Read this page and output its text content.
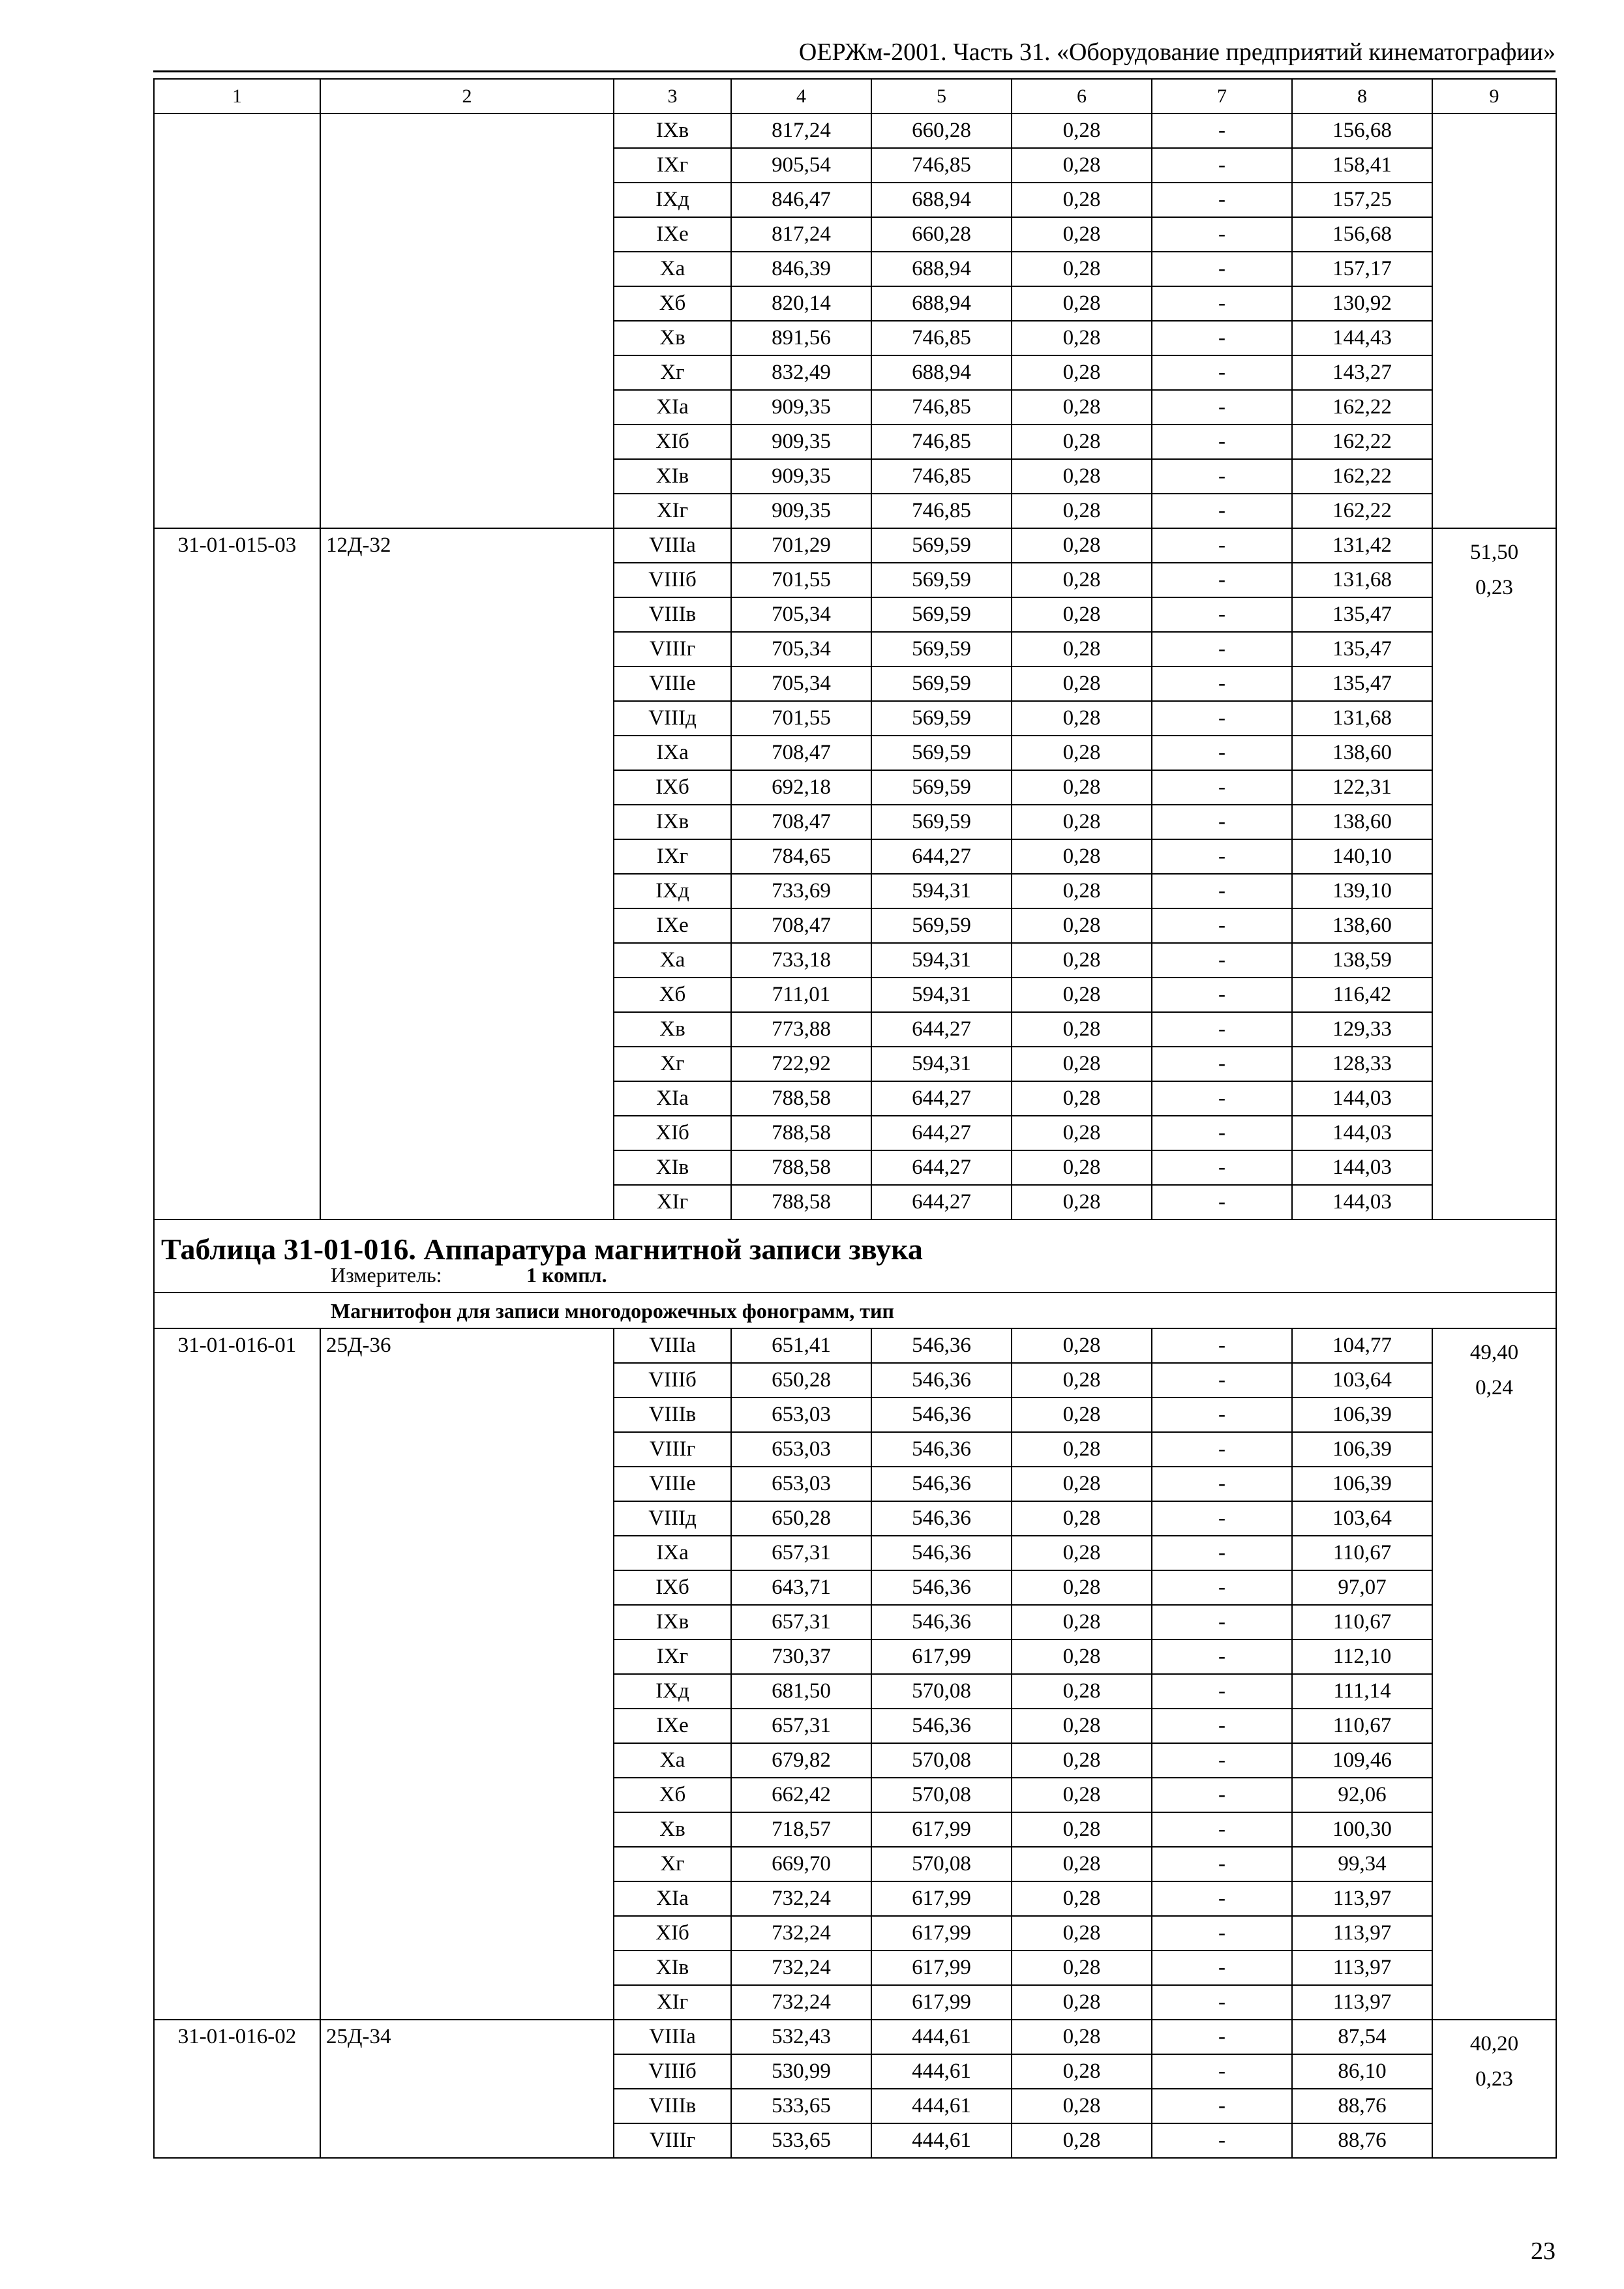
ОЕРЖм-2001. Часть 31. «Оборудование предприятий кинематографии»
1	2	3	4	5	6	7	8	9
		IXв	817,24	660,28	0,28	-	156,68	
		IXг	905,54	746,85	0,28	-	158,41	
		IXд	846,47	688,94	0,28	-	157,25	
		IXе	817,24	660,28	0,28	-	156,68	
		Xа	846,39	688,94	0,28	-	157,17	
		Xб	820,14	688,94	0,28	-	130,92	
		Xв	891,56	746,85	0,28	-	144,43	
		Xг	832,49	688,94	0,28	-	143,27	
		XIа	909,35	746,85	0,28	-	162,22	
		XIб	909,35	746,85	0,28	-	162,22	
		XIв	909,35	746,85	0,28	-	162,22	
		XIг	909,35	746,85	0,28	-	162,22	
31-01-015-03	12Д-32	VIIIа	701,29	569,59	0,28	-	131,42	51,50
0,23

		VIIIб	701,55	569,59	0,28	-	131,68	
		VIIIв	705,34	569,59	0,28	-	135,47	
		VIIIг	705,34	569,59	0,28	-	135,47	
		VIIIе	705,34	569,59	0,28	-	135,47	
		VIIIд	701,55	569,59	0,28	-	131,68	
		IXа	708,47	569,59	0,28	-	138,60	
		IXб	692,18	569,59	0,28	-	122,31	
		IXв	708,47	569,59	0,28	-	138,60	
		IXг	784,65	644,27	0,28	-	140,10	
		IXд	733,69	594,31	0,28	-	139,10	
		IXе	708,47	569,59	0,28	-	138,60	
		Xа	733,18	594,31	0,28	-	138,59	
		Xб	711,01	594,31	0,28	-	116,42	
		Xв	773,88	644,27	0,28	-	129,33	
		Xг	722,92	594,31	0,28	-	128,33	
		XIа	788,58	644,27	0,28	-	144,03	
		XIб	788,58	644,27	0,28	-	144,03	
		XIв	788,58	644,27	0,28	-	144,03	
		XIг	788,58	644,27	0,28	-	144,03	
Таблица 31-01-016. Аппаратура магнитной записи звука								
Измеритель: 1 компл.								
Магнитофон для записи многодорожечных фонограмм, тип								
31-01-016-01	25Д-36	VIIIа	651,41	546,36	0,28	-	104,77	49,40
0,24

		VIIIб	650,28	546,36	0,28	-	103,64	
		VIIIв	653,03	546,36	0,28	-	106,39	
		VIIIг	653,03	546,36	0,28	-	106,39	
		VIIIе	653,03	546,36	0,28	-	106,39	
		VIIIд	650,28	546,36	0,28	-	103,64	
		IXа	657,31	546,36	0,28	-	110,67	
		IXб	643,71	546,36	0,28	-	97,07	
		IXв	657,31	546,36	0,28	-	110,67	
		IXг	730,37	617,99	0,28	-	112,10	
		IXд	681,50	570,08	0,28	-	111,14	
		IXе	657,31	546,36	0,28	-	110,67	
		Xа	679,82	570,08	0,28	-	109,46	
		Xб	662,42	570,08	0,28	-	92,06	
		Xв	718,57	617,99	0,28	-	100,30	
		Xг	669,70	570,08	0,28	-	99,34	
		XIа	732,24	617,99	0,28	-	113,97	
		XIб	732,24	617,99	0,28	-	113,97	
		XIв	732,24	617,99	0,28	-	113,97	
		XIг	732,24	617,99	0,28	-	113,97	
31-01-016-02	25Д-34	VIIIа	532,43	444,61	0,28	-	87,54	40,20
0,23

		VIIIб	530,99	444,61	0,28	-	86,10	
		VIIIв	533,65	444,61	0,28	-	88,76	
		VIIIг	533,65	444,61	0,28	-	88,76	
23
